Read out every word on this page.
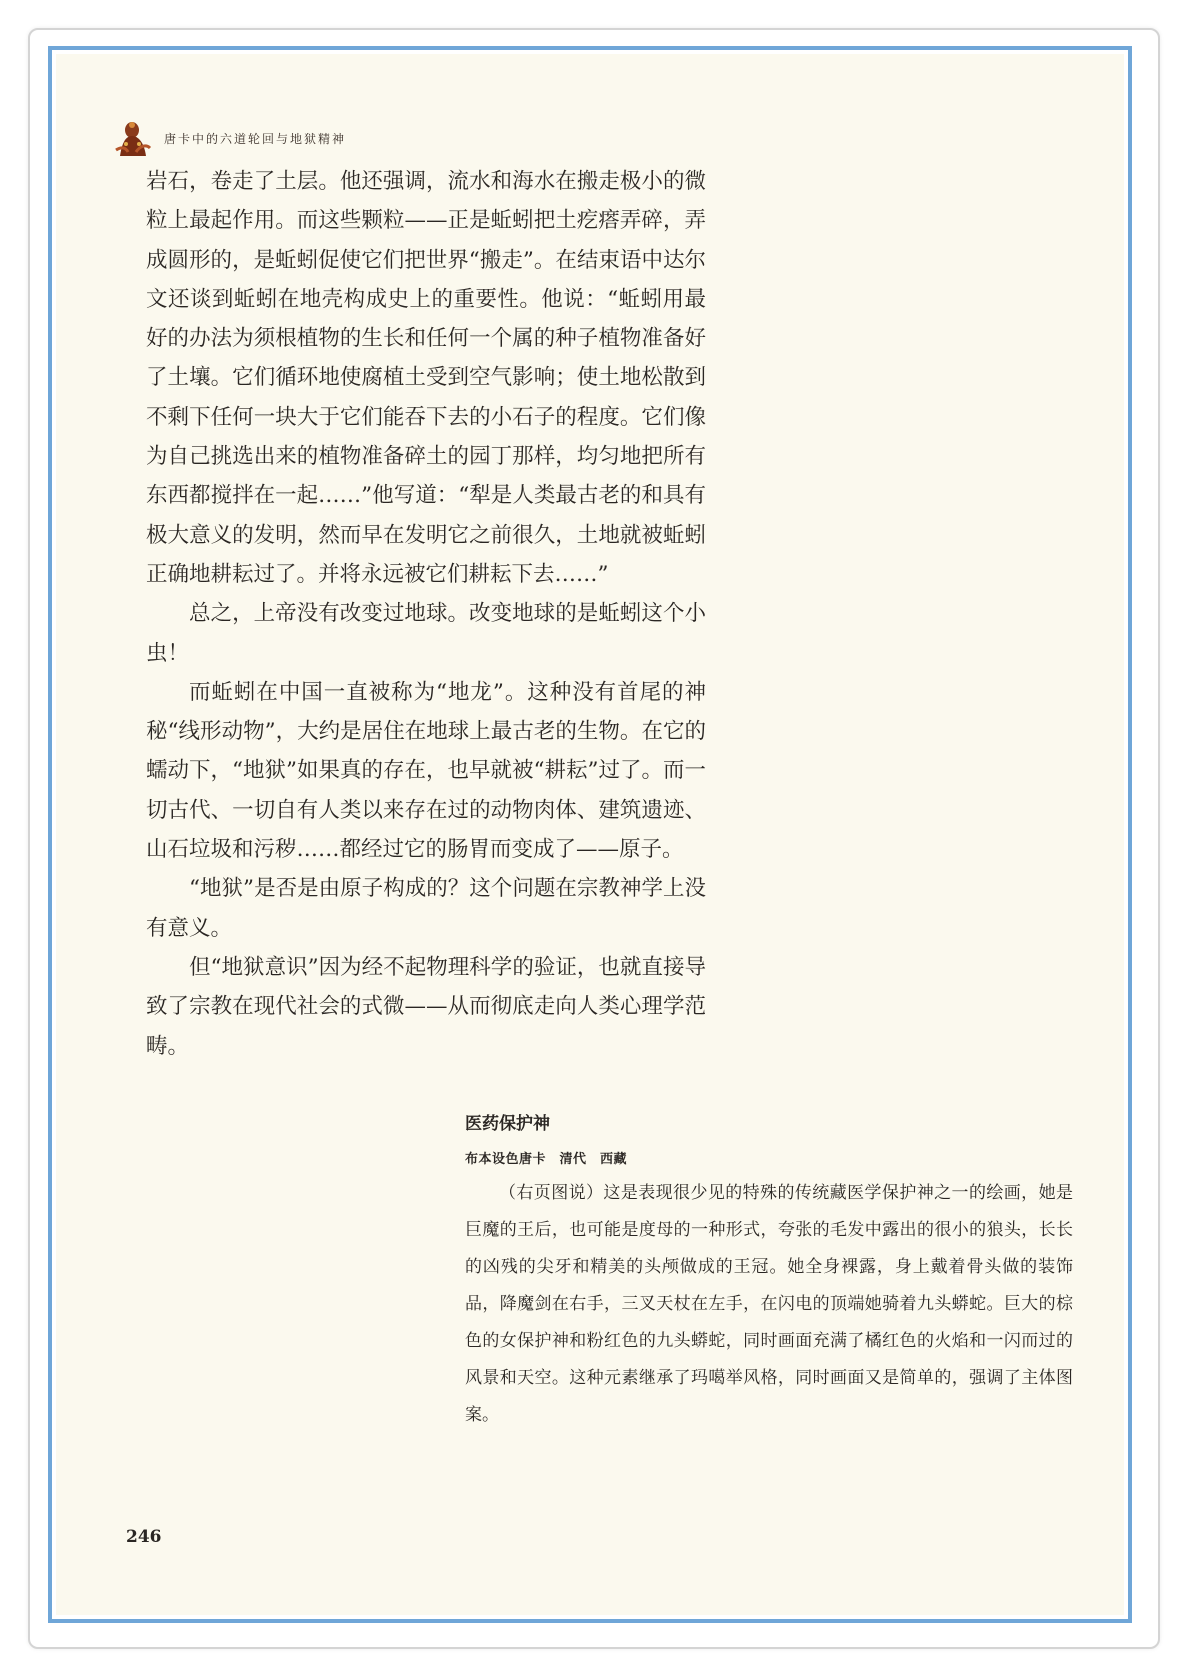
唐卡中的六道轮回与地狱精神

岩石，卷走了土层。他还强调，流水和海水在搬走极小的微粒上最起作用。而这些颗粒——正是蚯蚓把土疙瘩弄碎，弄成圆形的，是蚯蚓促使它们把世界“搬走”。在结束语中达尔文还谈到蚯蚓在地壳构成史上的重要性。他说：“蚯蚓用最好的办法为须根植物的生长和任何一个属的种子植物准备好了土壤。它们循环地使腐植土受到空气影响；使土地松散到不剩下任何一块大于它们能吞下去的小石子的程度。它们像为自己挑选出来的植物准备碎土的园丁那样，均匀地把所有东西都搅拌在一起……”他写道：“犁是人类最古老的和具有极大意义的发明，然而早在发明它之前很久，土地就被蚯蚓正确地耕耘过了。并将永远被它们耕耘下去……”

总之，上帝没有改变过地球。改变地球的是蚯蚓这个小虫！

而蚯蚓在中国一直被称为“地龙”。这种没有首尾的神秘“线形动物”，大约是居住在地球上最古老的生物。在它的蠕动下，“地狱”如果真的存在，也早就被“耕耘”过了。而一切古代、一切自有人类以来存在过的动物肉体、建筑遗迹、山石垃圾和污秽……都经过它的肠胃而变成了——原子。

“地狱”是否是由原子构成的？这个问题在宗教神学上没有意义。

但“地狱意识”因为经不起物理科学的验证，也就直接导致了宗教在现代社会的式微——从而彻底走向人类心理学范畴。

医药保护神

布本设色唐卡　清代　西藏

（右页图说）这是表现很少见的特殊的传统藏医学保护神之一的绘画，她是巨魔的王后，也可能是度母的一种形式，夸张的毛发中露出的很小的狼头，长长的凶残的尖牙和精美的头颅做成的王冠。她全身裸露，身上戴着骨头做的装饰品，降魔剑在右手，三叉天杖在左手，在闪电的顶端她骑着九头蟒蛇。巨大的棕色的女保护神和粉红色的九头蟒蛇，同时画面充满了橘红色的火焰和一闪而过的风景和天空。这种元素继承了玛噶举风格，同时画面又是简单的，强调了主体图案。

246
